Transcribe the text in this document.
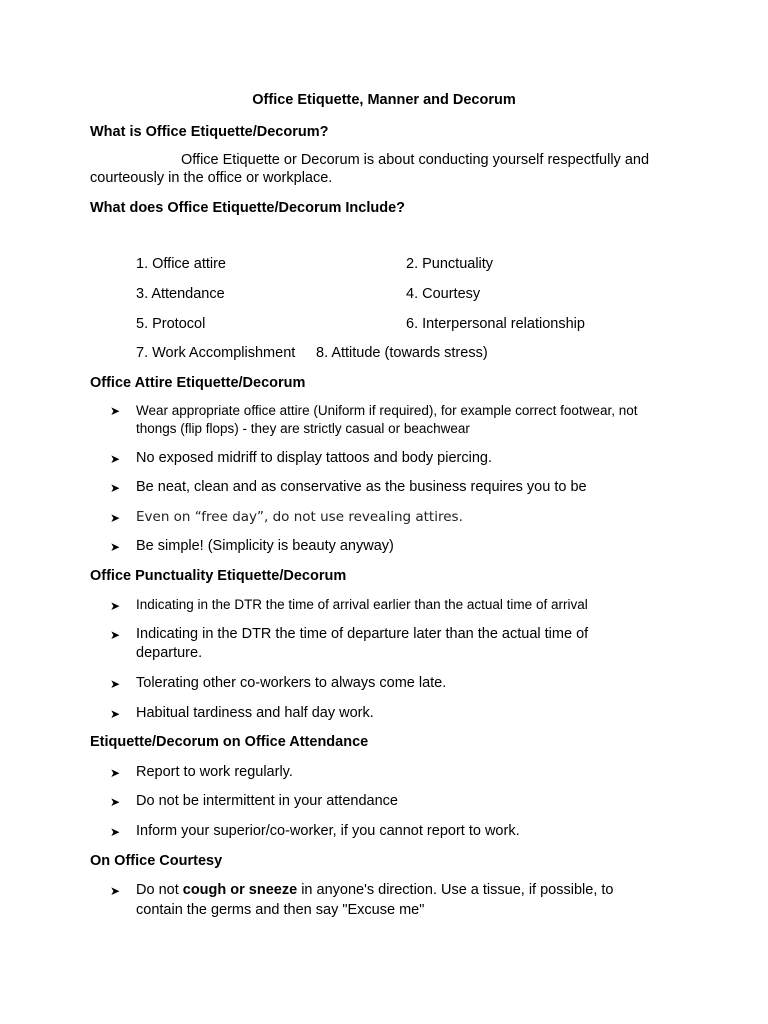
Office Etiquette, Manner and Decorum
What is Office Etiquette/Decorum?
Office Etiquette or Decorum is about conducting yourself respectfully and
courteously in the office or workplace.
What does Office Etiquette/Decorum Include?
1. Office attire	2. Punctuality
3. Attendance	4. Courtesy
5. Protocol	6. Interpersonal relationship
7. Work Accomplishment 8. Attitude (towards stress)
Office Attire Etiquette/Decorum
➤ Wear appropriate office attire (Uniform if required), for example correct footwear, not
thongs (flip flops) - they are strictly casual or beachwear
➤ No exposed midriff to display tattoos and body piercing.
➤ Be neat, clean and as conservative as the business requires you to be
➤ Even on “free day”, do not use revealing attires.
➤ Be simple! (Simplicity is beauty anyway)
Office Punctuality Etiquette/Decorum
➤ Indicating in the DTR the time of arrival earlier than the actual time of arrival
➤ Indicating in the DTR the time of departure later than the actual time of
departure.
➤ Tolerating other co-workers to always come late.
➤ Habitual tardiness and half day work.
Etiquette/Decorum on Office Attendance
➤ Report to work regularly.
➤ Do not be intermittent in your attendance
➤ Inform your superior/co-worker, if you cannot report to work.
On Office Courtesy
➤ Do not cough or sneeze in anyone's direction. Use a tissue, if possible, to
contain the germs and then say "Excuse me"
